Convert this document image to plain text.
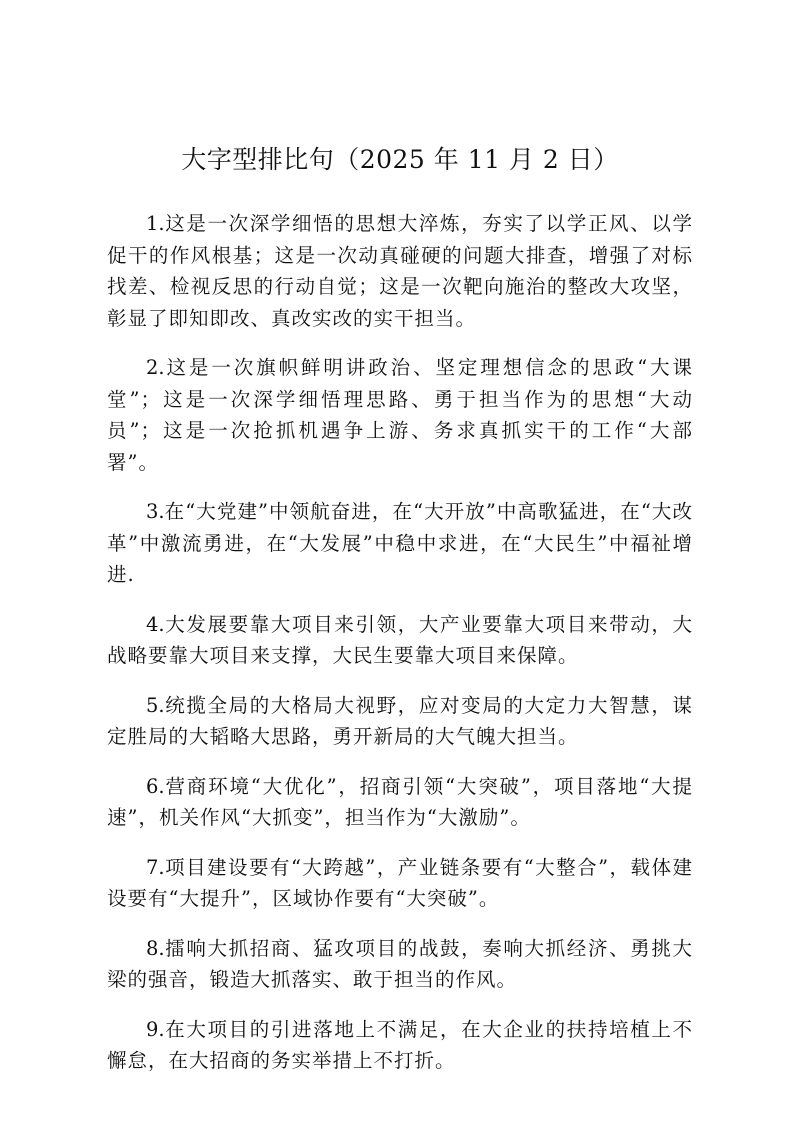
大字型排比句（2025 年 11 月 2 日）

1.这是一次深学细悟的思想大淬炼，夯实了以学正风、以学促干的作风根基；这是一次动真碰硬的问题大排查，增强了对标找差、检视反思的行动自觉；这是一次靶向施治的整改大攻坚，彰显了即知即改、真改实改的实干担当。

2.这是一次旗帜鲜明讲政治、坚定理想信念的思政“大课堂”；这是一次深学细悟理思路、勇于担当作为的思想“大动员”；这是一次抢抓机遇争上游、务求真抓实干的工作“大部署”。

3.在“大党建”中领航奋进，在“大开放”中高歌猛进，在“大改革”中激流勇进，在“大发展”中稳中求进，在“大民生”中福祉增进.

4.大发展要靠大项目来引领，大产业要靠大项目来带动，大战略要靠大项目来支撑，大民生要靠大项目来保障。

5.统揽全局的大格局大视野，应对变局的大定力大智慧，谋定胜局的大韬略大思路，勇开新局的大气魄大担当。

6.营商环境“大优化”，招商引领“大突破”，项目落地“大提速”，机关作风“大抓变”，担当作为“大激励”。

7.项目建设要有“大跨越”，产业链条要有“大整合”，载体建设要有“大提升”，区域协作要有“大突破”。

8.擂响大抓招商、猛攻项目的战鼓，奏响大抓经济、勇挑大梁的强音，锻造大抓落实、敢于担当的作风。

9.在大项目的引进落地上不满足，在大企业的扶持培植上不懈怠，在大招商的务实举措上不打折。
